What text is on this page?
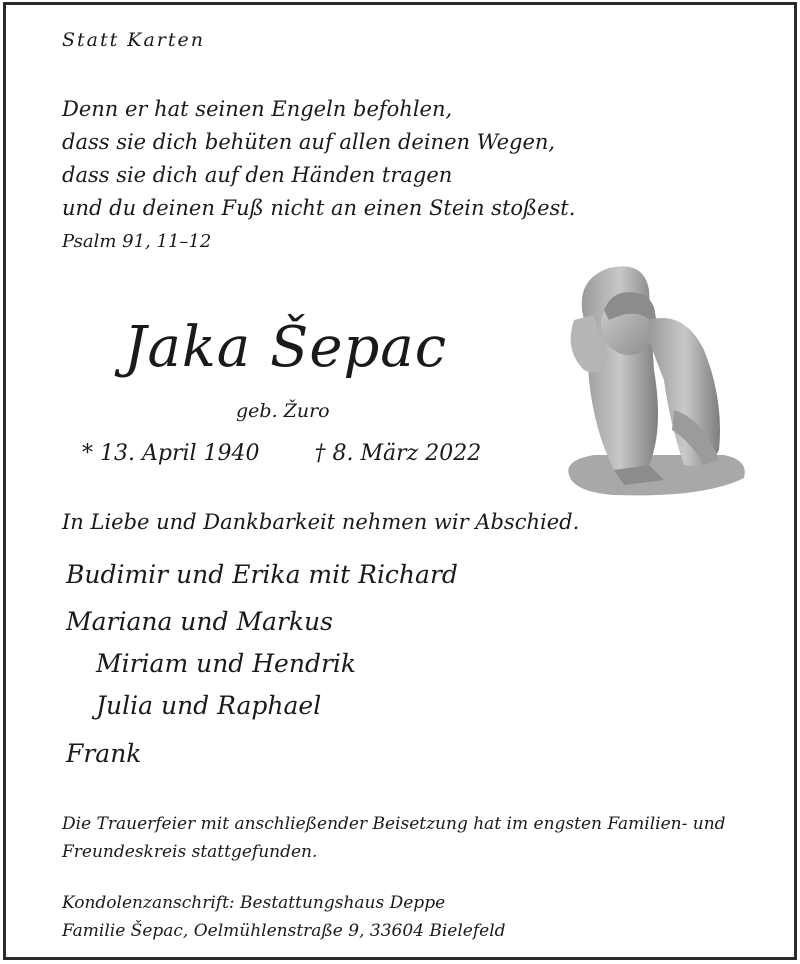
Statt Karten
Denn er hat seinen Engeln befohlen,
dass sie dich behüten auf allen deinen Wegen,
dass sie dich auf den Händen tragen
und du deinen Fuß nicht an einen Stein stoßest.
Psalm 91, 11–12
Jaka Šepac
geb. Žuro
* 13. April 1940	† 8. März 2022
In Liebe und Dankbarkeit nehmen wir Abschied.
Budimir und Erika mit Richard
Mariana und Markus
Miriam und Hendrik
Julia und Raphael
Frank
Die Trauerfeier mit anschließender Beisetzung hat im engsten Familien- und
Freundeskreis stattgefunden.
Kondolenzanschrift: Bestattungshaus Deppe
Familie Šepac, Oelmühlenstraße 9, 33604 Bielefeld
